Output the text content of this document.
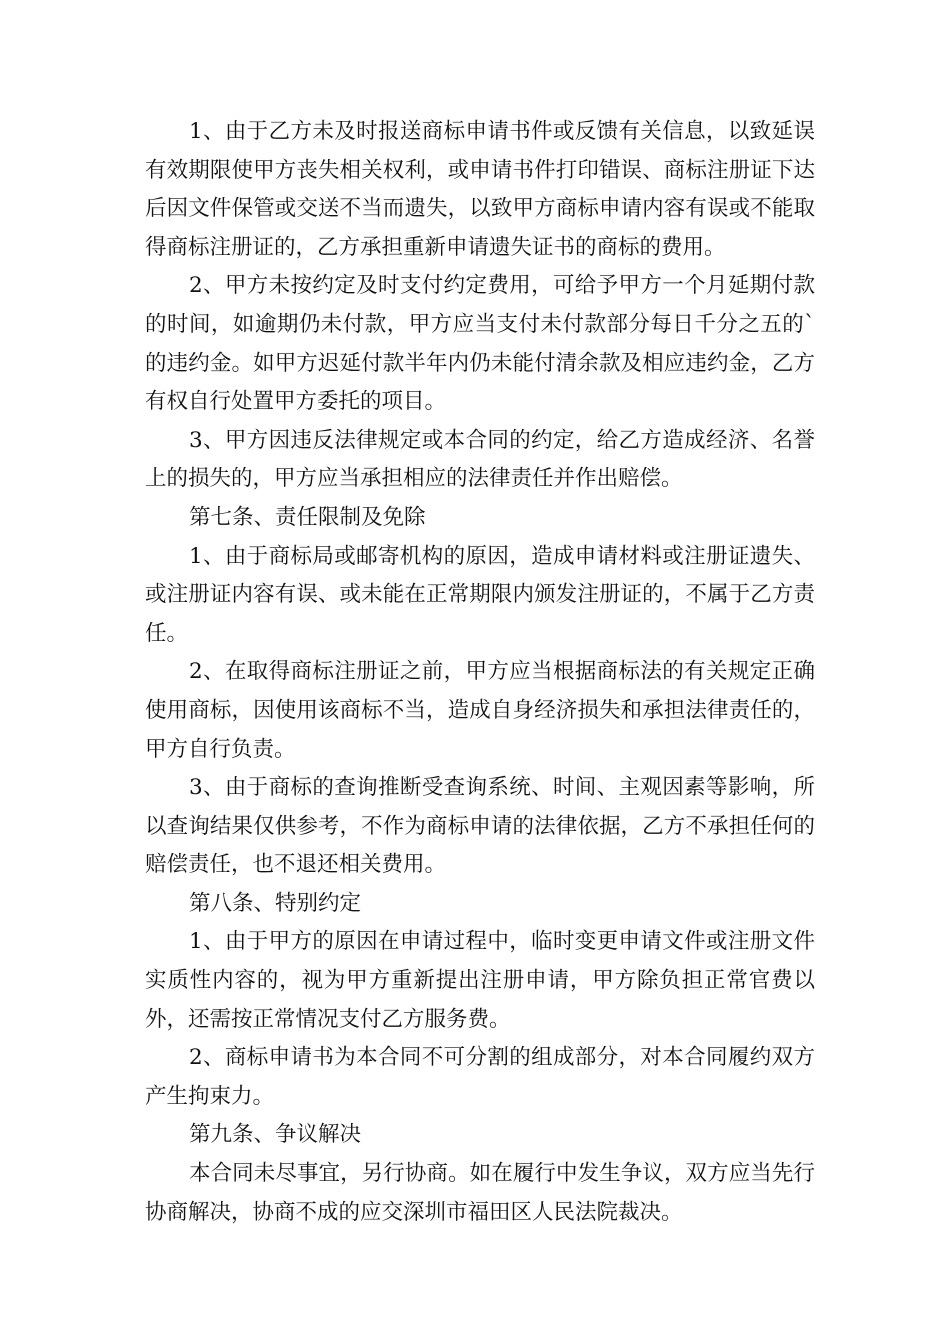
1、由于乙方未及时报送商标申请书件或反馈有关信息，以致延误有效期限使甲方丧失相关权利，或申请书件打印错误、商标注册证下达后因文件保管或交送不当而遗失，以致甲方商标申请内容有误或不能取得商标注册证的，乙方承担重新申请遗失证书的商标的费用。

2、甲方未按约定及时支付约定费用，可给予甲方一个月延期付款的时间，如逾期仍未付款，甲方应当支付未付款部分每日千分之五的`的违约金。如甲方迟延付款半年内仍未能付清余款及相应违约金，乙方有权自行处置甲方委托的项目。

3、甲方因违反法律规定或本合同的约定，给乙方造成经济、名誉上的损失的，甲方应当承担相应的法律责任并作出赔偿。

第七条、责任限制及免除

1、由于商标局或邮寄机构的原因，造成申请材料或注册证遗失、或注册证内容有误、或未能在正常期限内颁发注册证的，不属于乙方责任。

2、在取得商标注册证之前，甲方应当根据商标法的有关规定正确使用商标，因使用该商标不当，造成自身经济损失和承担法律责任的，甲方自行负责。

3、由于商标的查询推断受查询系统、时间、主观因素等影响，所以查询结果仅供参考，不作为商标申请的法律依据，乙方不承担任何的赔偿责任，也不退还相关费用。

第八条、特别约定

1、由于甲方的原因在申请过程中，临时变更申请文件或注册文件实质性内容的，视为甲方重新提出注册申请，甲方除负担正常官费以外，还需按正常情况支付乙方服务费。

2、商标申请书为本合同不可分割的组成部分，对本合同履约双方产生拘束力。

第九条、争议解决

本合同未尽事宜，另行协商。如在履行中发生争议，双方应当先行协商解决，协商不成的应交深圳市福田区人民法院裁决。
